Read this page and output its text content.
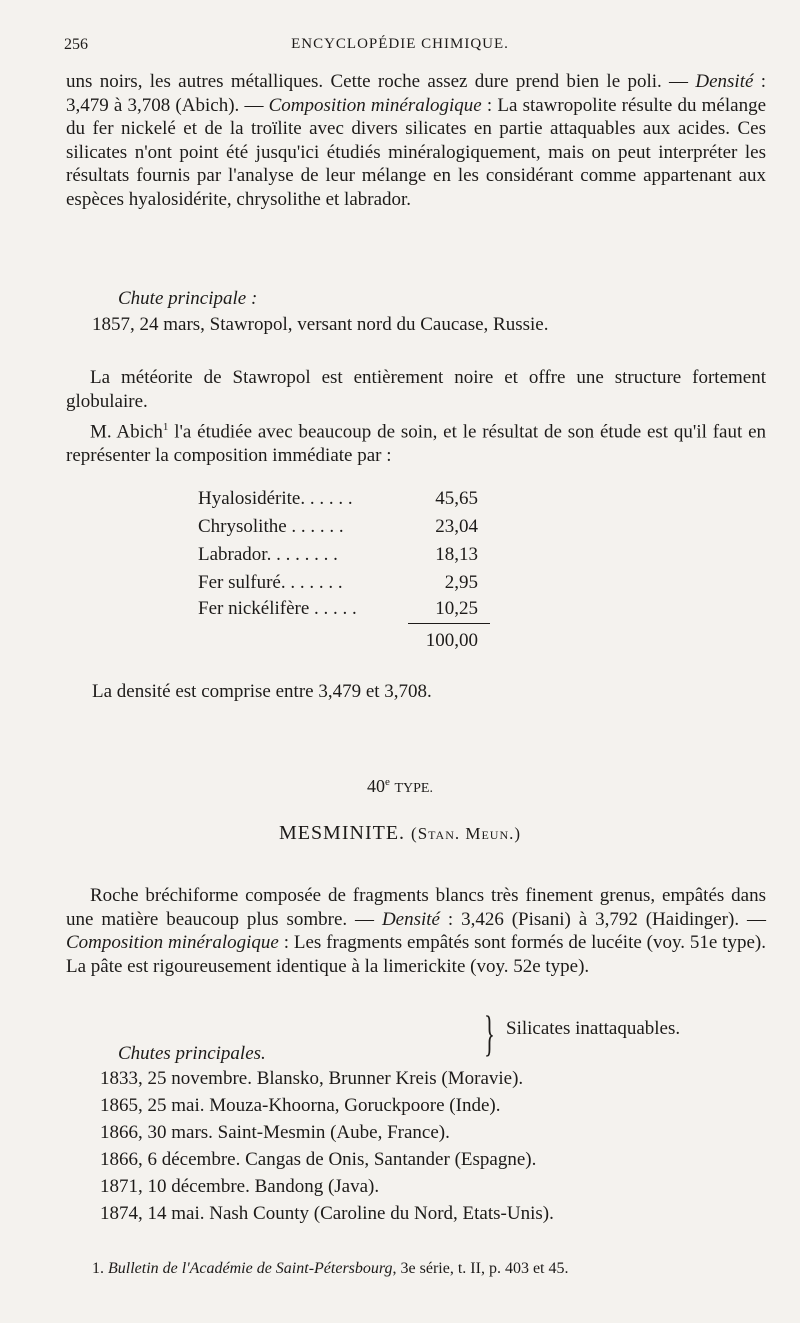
256	ENCYCLOPÉDIE CHIMIQUE.

uns noirs, les autres métalliques. Cette roche assez dure prend bien le poli. — Densité : 3,479 à 3,708 (Abich). — Composition minéralogique : La stawropolite résulte du mélange du fer nickelé et de la troïlite avec divers silicates en partie attaquables aux acides. Ces silicates n'ont point été jusqu'ici étudiés minéralogiquement, mais on peut interpréter les résultats fournis par l'analyse de leur mélange en les considérant comme appartenant aux espèces hyalosidérite, chrysolithe et labrador.

Chute principale :
1857, 24 mars, Stawropol, versant nord du Caucase, Russie.

La météorite de Stawropol est entièrement noire et offre une structure fortement globulaire.

M. Abich$^1$ l'a étudiée avec beaucoup de soin, et le résultat de son étude est qu'il faut en représenter la composition immédiate par :

Hyalosidérite. . . . . .	45,65
Chrysolithe . . . . . .	23,04
Labrador. . . . . . . .	18,13
Fer sulfuré. . . . . . .	2,95
Fer nickélifère . . . . .	10,25
} Silicates inattaquables.
100,00
La densité est comprise entre 3,479 et 3,708.
40e TYPE.
MESMINITE. (Stan. Meun.)

Roche bréchiforme composée de fragments blancs très finement grenus, empâtés dans une matière beaucoup plus sombre. — Densité : 3,426 (Pisani) à 3,792 (Haidinger). — Composition minéralogique : Les fragments empâtés sont formés de lucéite (voy. 51e type). La pâte est rigoureusement identique à la limerickite (voy. 52e type).

Chutes principales.
1833, 25 novembre. Blansko, Brunner Kreis (Moravie).
1865, 25 mai. Mouza-Khoorna, Goruckpoore (Inde).
1866, 30 mars. Saint-Mesmin (Aube, France).
1866, 6 décembre. Cangas de Onis, Santander (Espagne).
1871, 10 décembre. Bandong (Java).
1874, 14 mai. Nash County (Caroline du Nord, Etats-Unis).
1. Bulletin de l'Académie de Saint-Pétersbourg, 3e série, t. II, p. 403 et 45.
